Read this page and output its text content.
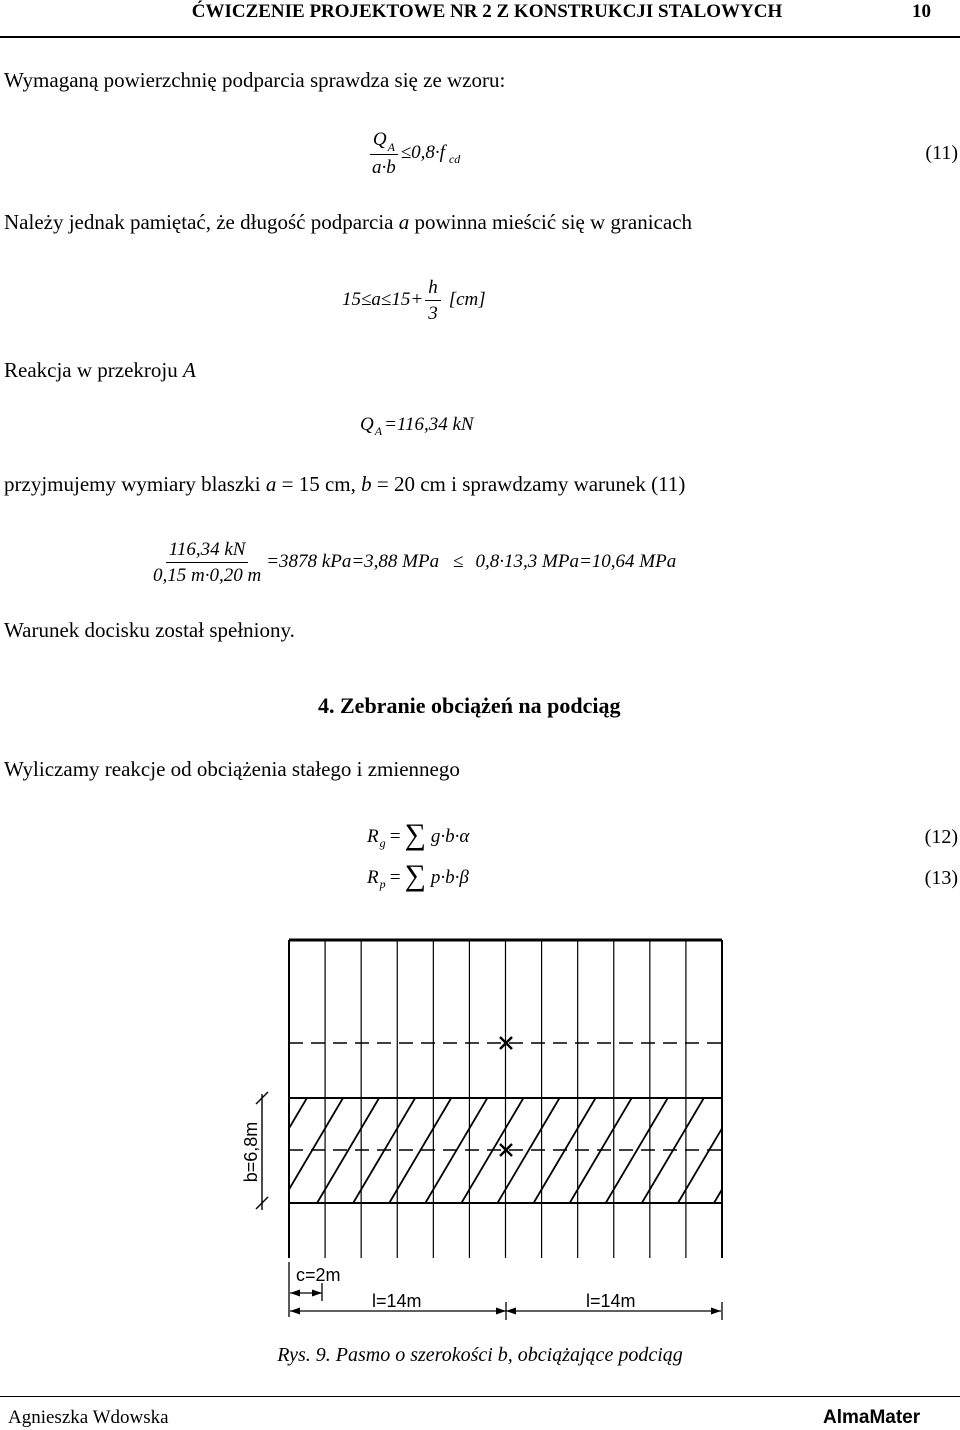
ĆWICZENIE PROJEKTOWE NR 2 Z KONSTRUKCJI STALOWYCH	10
Wymaganą powierzchnię podparcia sprawdza się ze wzoru:
$\frac{Q_A}{a\cdot b} \le 0,8\cdot f$ cd	(11)
Należy jednak pamiętać, że długość podparcia a powinna mieścić się w granicach
$15\le a\le 15+ \frac{h}{3} [cm]$
Reakcja w przekroju A
Q A =116,34 kN
przyjmujemy wymiary blaszki a = 15 cm, b = 20 cm i sprawdzamy warunek (11)
$\frac{116,34 kN}{0,15 m\cdot 0,20 m} =3878$ kPa=3,88 MPa ≤ 0,8·13,3 MPa=10,64 MPa
Warunek docisku został spełniony.
4. Zebranie obciążeń na podciąg
Wyliczamy reakcje od obciążenia stałego i zmiennego
R g = ∑ g·b·α	(12)
R p = ∑ p·b·β	(13)
b=6,8m
c=2m
l=14m	l=14m
Rys. 9. Pasmo o szerokości b, obciążające podciąg
Agnieszka Wdowska	AlmaMater
